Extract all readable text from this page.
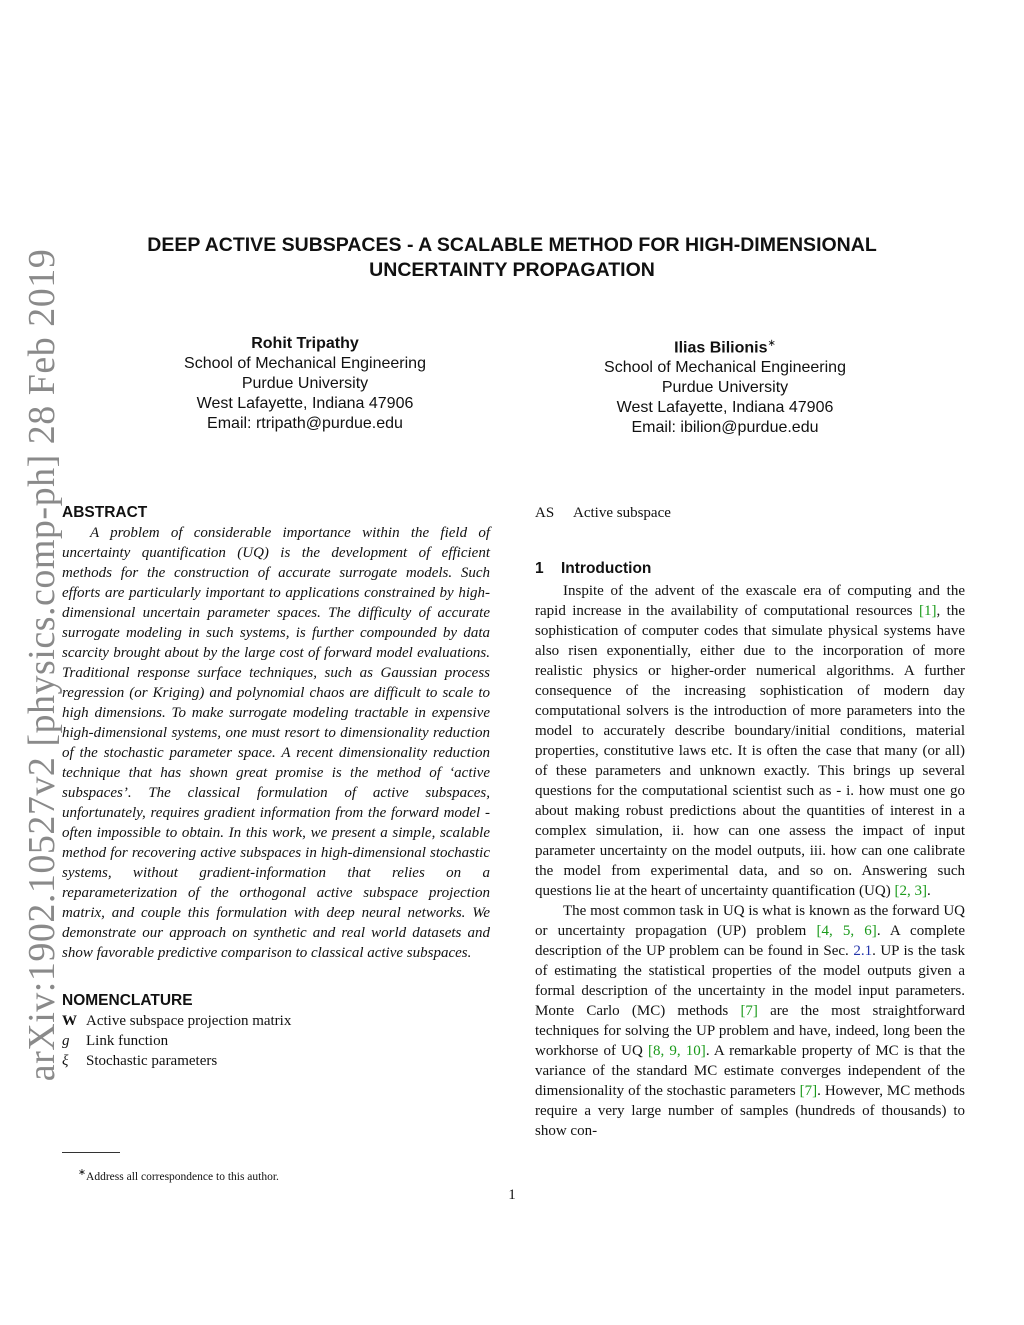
arXiv:1902.10527v2 [physics.comp-ph] 28 Feb 2019
DEEP ACTIVE SUBSPACES - A SCALABLE METHOD FOR HIGH-DIMENSIONAL
UNCERTAINTY PROPAGATION
Rohit Tripathy
School of Mechanical Engineering
Purdue University
West Lafayette, Indiana 47906
Email: rtripath@purdue.edu
Ilias Bilionis∗
School of Mechanical Engineering
Purdue University
West Lafayette, Indiana 47906
Email: ibilion@purdue.edu
ABSTRACT

A problem of considerable importance within the field of uncertainty quantification (UQ) is the development of efficient methods for the construction of accurate surrogate models. Such efforts are particularly important to applications constrained by high-dimensional uncertain parameter spaces. The difficulty of accurate surrogate modeling in such systems, is further compounded by data scarcity brought about by the large cost of forward model evaluations. Traditional response surface techniques, such as Gaussian process regression (or Kriging) and polynomial chaos are difficult to scale to high dimensions. To make surrogate modeling tractable in expensive high-dimensional systems, one must resort to dimensionality reduction of the stochastic parameter space. A recent dimensionality reduction technique that has shown great promise is the method of ‘active subspaces’. The classical formulation of active subspaces, unfortunately, requires gradient information from the forward model - often impossible to obtain. In this work, we present a simple, scalable method for recovering active subspaces in high-dimensional stochastic systems, without gradient-information that relies on a reparameterization of the orthogonal active subspace projection matrix, and couple this formulation with deep neural networks. We demonstrate our approach on synthetic and real world datasets and show favorable predictive comparison to classical active subspaces.

NOMENCLATURE
W Active subspace projection matrix
g Link function
ξ Stochastic parameters
∗Address all correspondence to this author.
AS Active subspace
1 Introduction

Inspite of the advent of the exascale era of computing and the rapid increase in the availability of computational resources [1], the sophistication of computer codes that simulate physical systems have also risen exponentially, either due to the incorporation of more realistic physics or higher-order numerical algorithms. A further consequence of the increasing sophistication of modern day computational solvers is the introduction of more parameters into the model to accurately describe boundary/initial conditions, material properties, constitutive laws etc. It is often the case that many (or all) of these parameters and unknown exactly. This brings up several questions for the computational scientist such as - i. how must one go about making robust predictions about the quantities of interest in a complex simulation, ii. how can one assess the impact of input parameter uncertainty on the model outputs, iii. how can one calibrate the model from experimental data, and so on. Answering such questions lie at the heart of uncertainty quantification (UQ) [2, 3].

The most common task in UQ is what is known as the forward UQ or uncertainty propagation (UP) problem [4, 5, 6]. A complete description of the UP problem can be found in Sec. 2.1. UP is the task of estimating the statistical properties of the model outputs given a formal description of the uncertainty in the model input parameters. Monte Carlo (MC) methods [7] are the most straightforward techniques for solving the UP problem and have, indeed, long been the workhorse of UQ [8, 9, 10]. A remarkable property of MC is that the variance of the standard MC estimate converges independent of the dimensionality of the stochastic parameters [7]. However, MC methods require a very large number of samples (hundreds of thousands) to show con-

1
